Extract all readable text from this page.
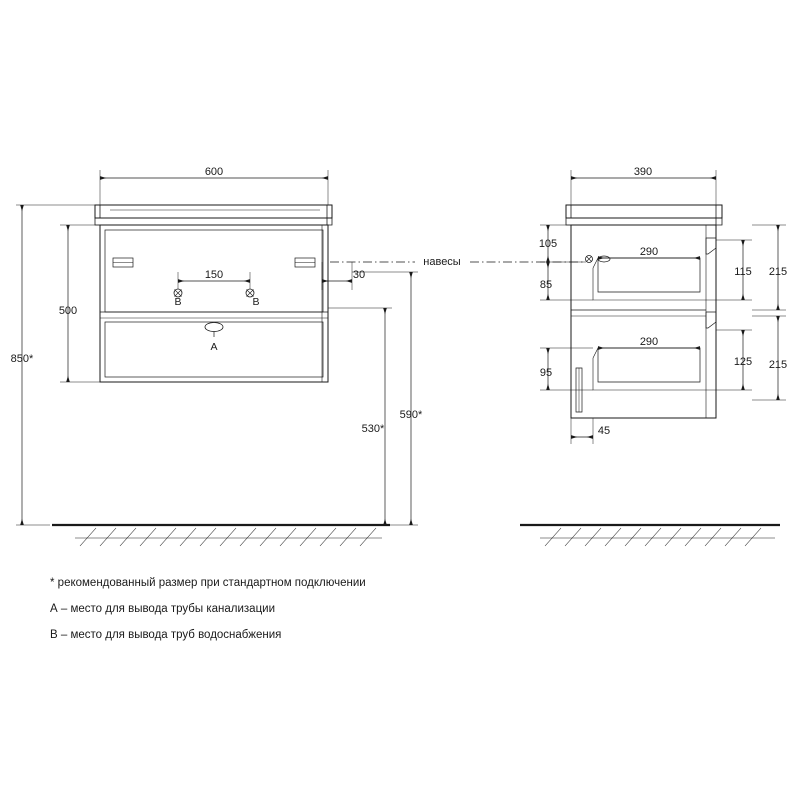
600
500
850*
150	30
530*
590*
390
105
85
95
45
290
290
115 215
125 215
навесы
B	B
A
* рекомендованный размер при стандартном подключении
А – место для вывода трубы канализации
В – место для вывода труб водоснабжения
